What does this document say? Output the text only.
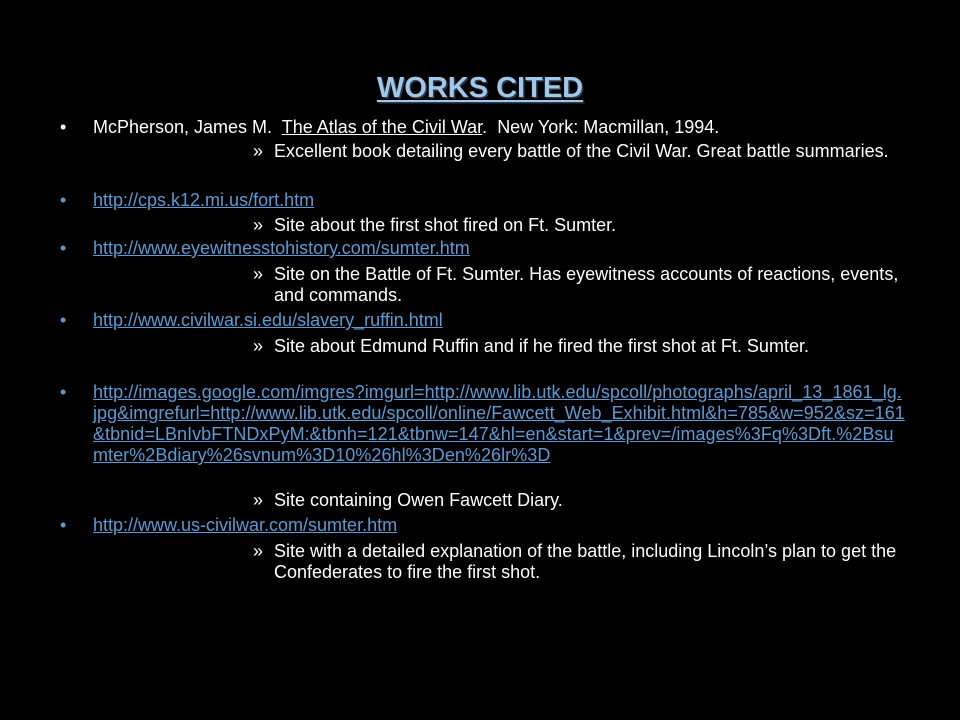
WORKS CITED
• McPherson, James M. The Atlas of the Civil War.  New York: Macmillan, 1994.
» Excellent book detailing every battle of the Civil War. Great battle summaries.
• http://cps.k12.mi.us/fort.htm
» Site about the first shot fired on Ft. Sumter.
• http://www.eyewitnesstohistory.com/sumter.htm
» Site on the Battle of Ft. Sumter. Has eyewitness accounts of reactions, events, and commands.
• http://www.civilwar.si.edu/slavery_ruffin.html
» Site about Edmund Ruffin and if he fired the first shot at Ft. Sumter.
• http://images.google.com/imgres?imgurl=http://www.lib.utk.edu/spcoll/photographs/april_13_1861_lg.jpg&imgrefurl=http://www.lib.utk.edu/spcoll/online/Fawcett_Web_Exhibit.html&h=785&w=952&sz=161&tbnid=LBnIvbFTNDxPyM:&tbnh=121&tbnw=147&hl=en&start=1&prev=/images%3Fq%3Dft.%2Bsumter%2Bdiary%26svnum%3D10%26hl%3Den%26lr%3D
» Site containing Owen Fawcett Diary.
• http://www.us-civilwar.com/sumter.htm
» Site with a detailed explanation of the battle, including Lincoln’s plan to get the Confederates to fire the first shot.
